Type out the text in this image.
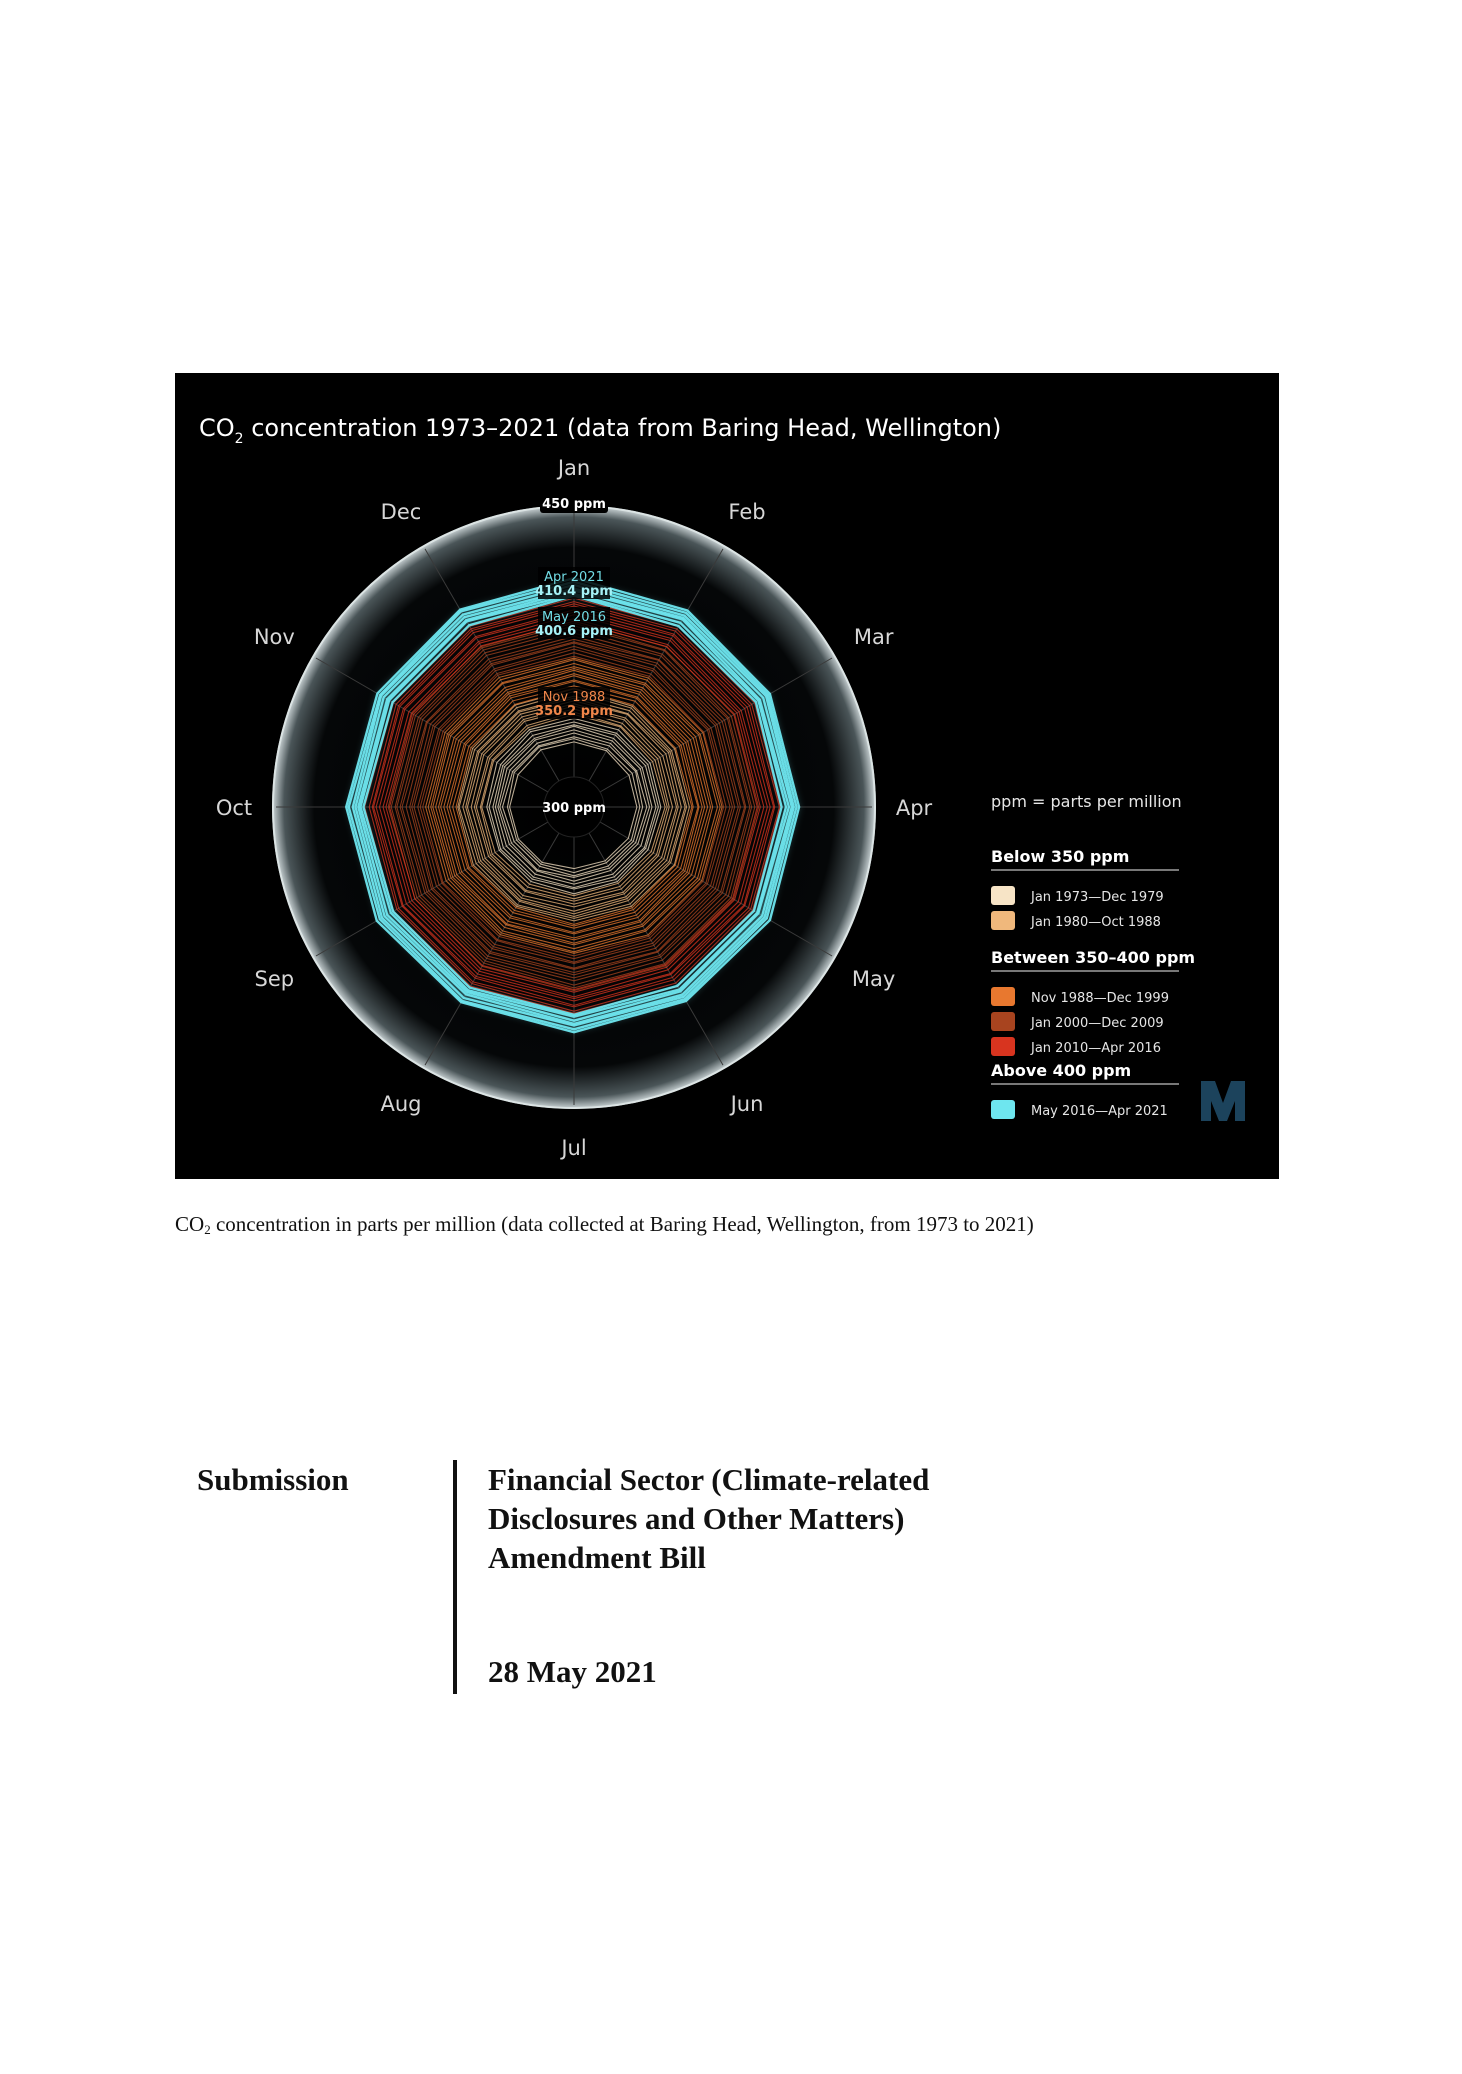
300 ppm
450 ppm
Apr 2021
410.4 ppm
May 2016
400.6 ppm
Nov 1988
350.2 ppm
Jan
Feb
Mar
Apr
May
Jun
Jul
Aug
Sep
Oct
Nov
Dec
$CO_2$ concentration 1973–2021 (data from Baring Head, Wellington)
ppm = parts per million
Below 350 ppm
Jan 1973—Dec 1979
Jan 1980—Oct 1988
Between 350–400 ppm
Nov 1988—Dec 1999
Jan 2000—Dec 2009
Jan 2010—Apr 2016
Above 400 ppm
May 2016—Apr 2021
$CO_2$ concentration in parts per million (data collected at Baring Head, Wellington, from 1973 to 2021)
Submission	Financial Sector (Climate-related
Disclosures and Other Matters)
Amendment Bill
28 May 2021
